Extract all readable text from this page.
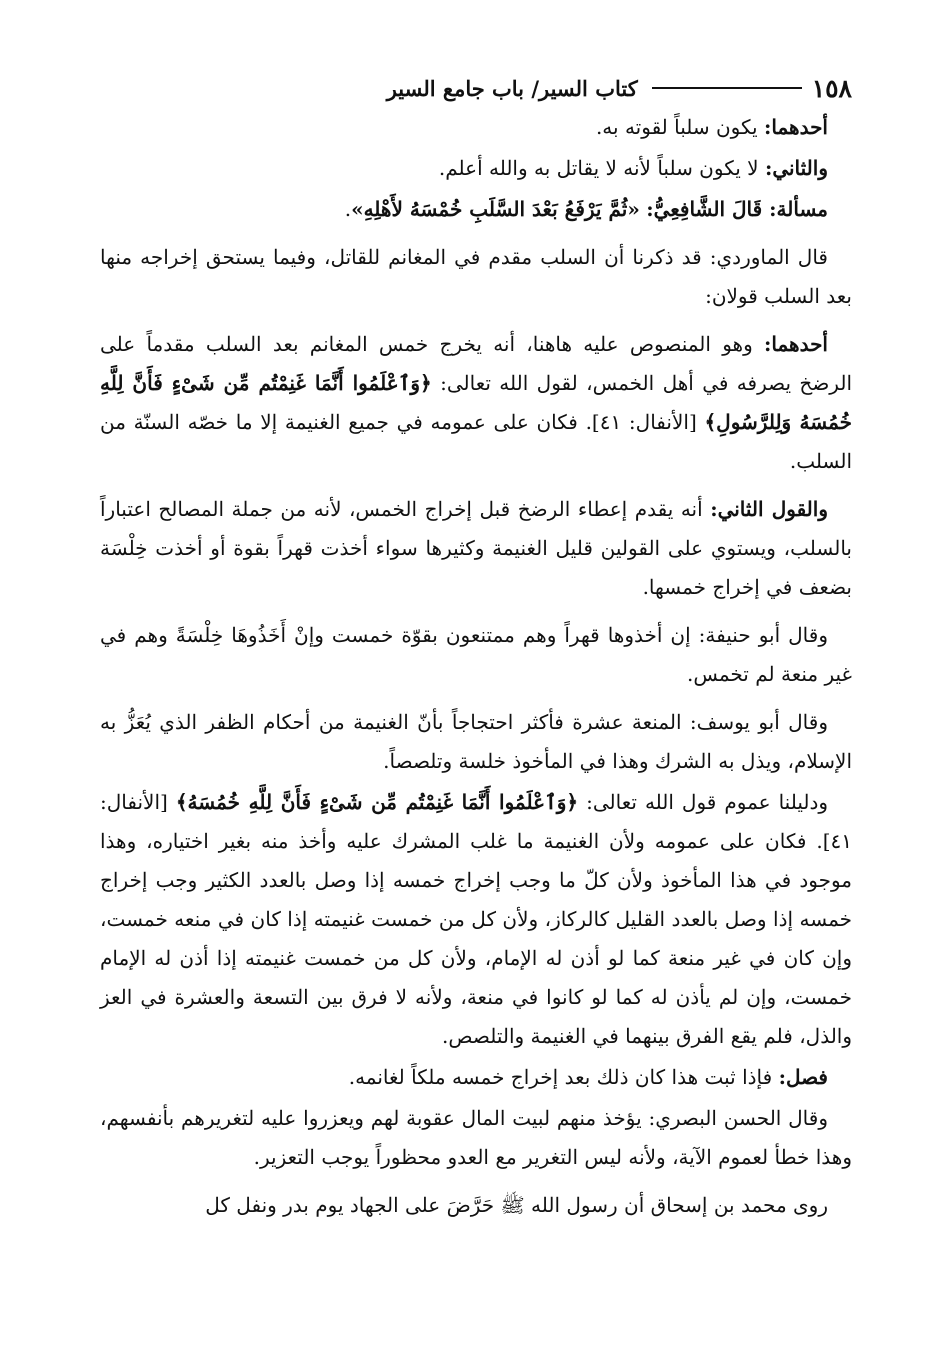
١٥٨
كتاب السير/ باب جامع السير

أحدهما: يكون سلباً لقوته به.

والثاني: لا يكون سلباً لأنه لا يقاتل به والله أعلم.

مسألة: قَالَ الشَّافِعِيُّ: «ثُمَّ يَرْفَعُ بَعْدَ السَّلَبِ خُمْسَهُ لأَهْلِهِ».

قال الماوردي: قد ذكرنا أن السلب مقدم في المغانم للقاتل، وفيما يستحق إخراجه منها بعد السلب قولان:

أحدهما: وهو المنصوص عليه هاهنا، أنه يخرج خمس المغانم بعد السلب مقدماً على الرضخ يصرفه في أهل الخمس، لقول الله تعالى: ﴿وَٱعْلَمُوا أَنَّمَا غَنِمْتُم مِّن شَىْءٍ فَأَنَّ لِلَّهِ خُمُسَهُ وَلِلرَّسُولِ﴾ [الأنفال: ٤١]. فكان على عمومه في جميع الغنيمة إلا ما خصّه السنّة من السلب.

والقول الثاني: أنه يقدم إعطاء الرضخ قبل إخراج الخمس، لأنه من جملة المصالح اعتباراً بالسلب، ويستوي على القولين قليل الغنيمة وكثيرها سواء أخذت قهراً بقوة أو أخذت خِلْسَة بضعف في إخراج خمسها.

وقال أبو حنيفة: إن أخذوها قهراً وهم ممتنعون بقوّة خمست وإنْ أَخَذُوهَا خِلْسَةً وهم في غير منعة لم تخمس.

وقال أبو يوسف: المنعة عشرة فأكثر احتجاجاً بأنّ الغنيمة من أحكام الظفر الذي يُعَزُّ به الإسلام، ويذل به الشرك وهذا في المأخوذ خلسة وتلصصاً.

ودليلنا عموم قول الله تعالى: ﴿وَٱعْلَمُوا أَنَّمَا غَنِمْتُم مِّن شَىْءٍ فَأَنَّ لِلَّهِ خُمُسَهُ﴾ [الأنفال: ٤١]. فكان على عمومه ولأن الغنيمة ما غلب المشرك عليه وأخذ منه بغير اختياره، وهذا موجود في هذا المأخوذ ولأن كلّ ما وجب إخراج خمسه إذا وصل بالعدد الكثير وجب إخراج خمسه إذا وصل بالعدد القليل كالركاز، ولأن كل من خمست غنيمته إذا كان في منعه خمست، وإن كان في غير منعة كما لو أذن له الإمام، ولأن كل من خمست غنيمته إذا أذن له الإمام خمست، وإن لم يأذن له كما لو كانوا في منعة، ولأنه لا فرق بين التسعة والعشرة في العز والذل، فلم يقع الفرق بينهما في الغنيمة والتلصص.

فصل: فإذا ثبت هذا كان ذلك بعد إخراج خمسه ملكاً لغانمه.

وقال الحسن البصري: يؤخذ منهم لبيت المال عقوبة لهم ويعزروا عليه لتغريرهم بأنفسهم، وهذا خطأ لعموم الآية، ولأنه ليس التغرير مع العدو محظوراً يوجب التعزير.

روى محمد بن إسحاق أن رسول الله ﷺ حَرَّضَ على الجهاد يوم بدر ونفل كل
